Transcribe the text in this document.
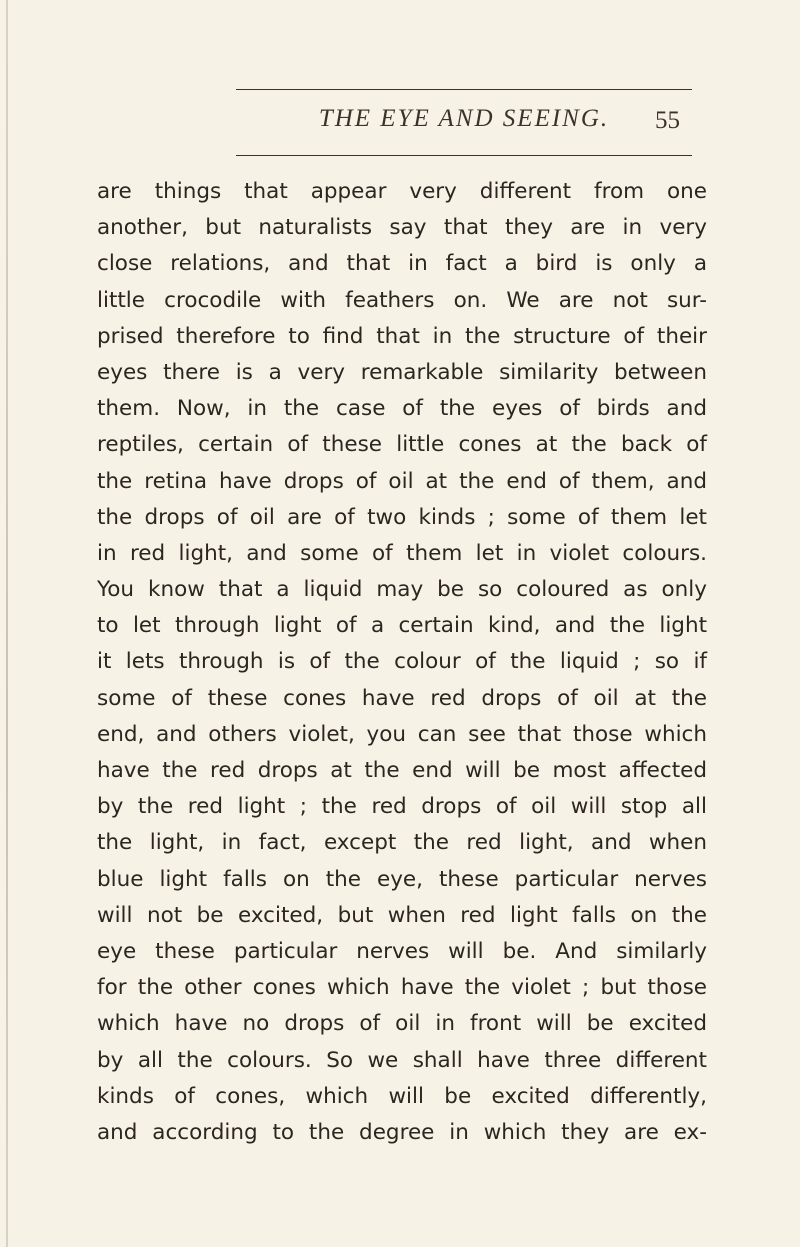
THE EYE AND SEEING.	55
are things that appear very different from one
another, but naturalists say that they are in very
close relations, and that in fact a bird is only a
little crocodile with feathers on. We are not sur-
prised therefore to find that in the structure of their
eyes there is a very remarkable similarity between
them. Now, in the case of the eyes of birds and
reptiles, certain of these little cones at the back of
the retina have drops of oil at the end of them, and
the drops of oil are of two kinds ; some of them let
in red light, and some of them let in violet colours.
You know that a liquid may be so coloured as only
to let through light of a certain kind, and the light
it lets through is of the colour of the liquid ; so if
some of these cones have red drops of oil at the
end, and others violet, you can see that those which
have the red drops at the end will be most affected
by the red light ; the red drops of oil will stop all
the light, in fact, except the red light, and when
blue light falls on the eye, these particular nerves
will not be excited, but when red light falls on the
eye these particular nerves will be. And similarly
for the other cones which have the violet ; but those
which have no drops of oil in front will be excited
by all the colours. So we shall have three different
kinds of cones, which will be excited differently,
and according to the degree in which they are ex-
